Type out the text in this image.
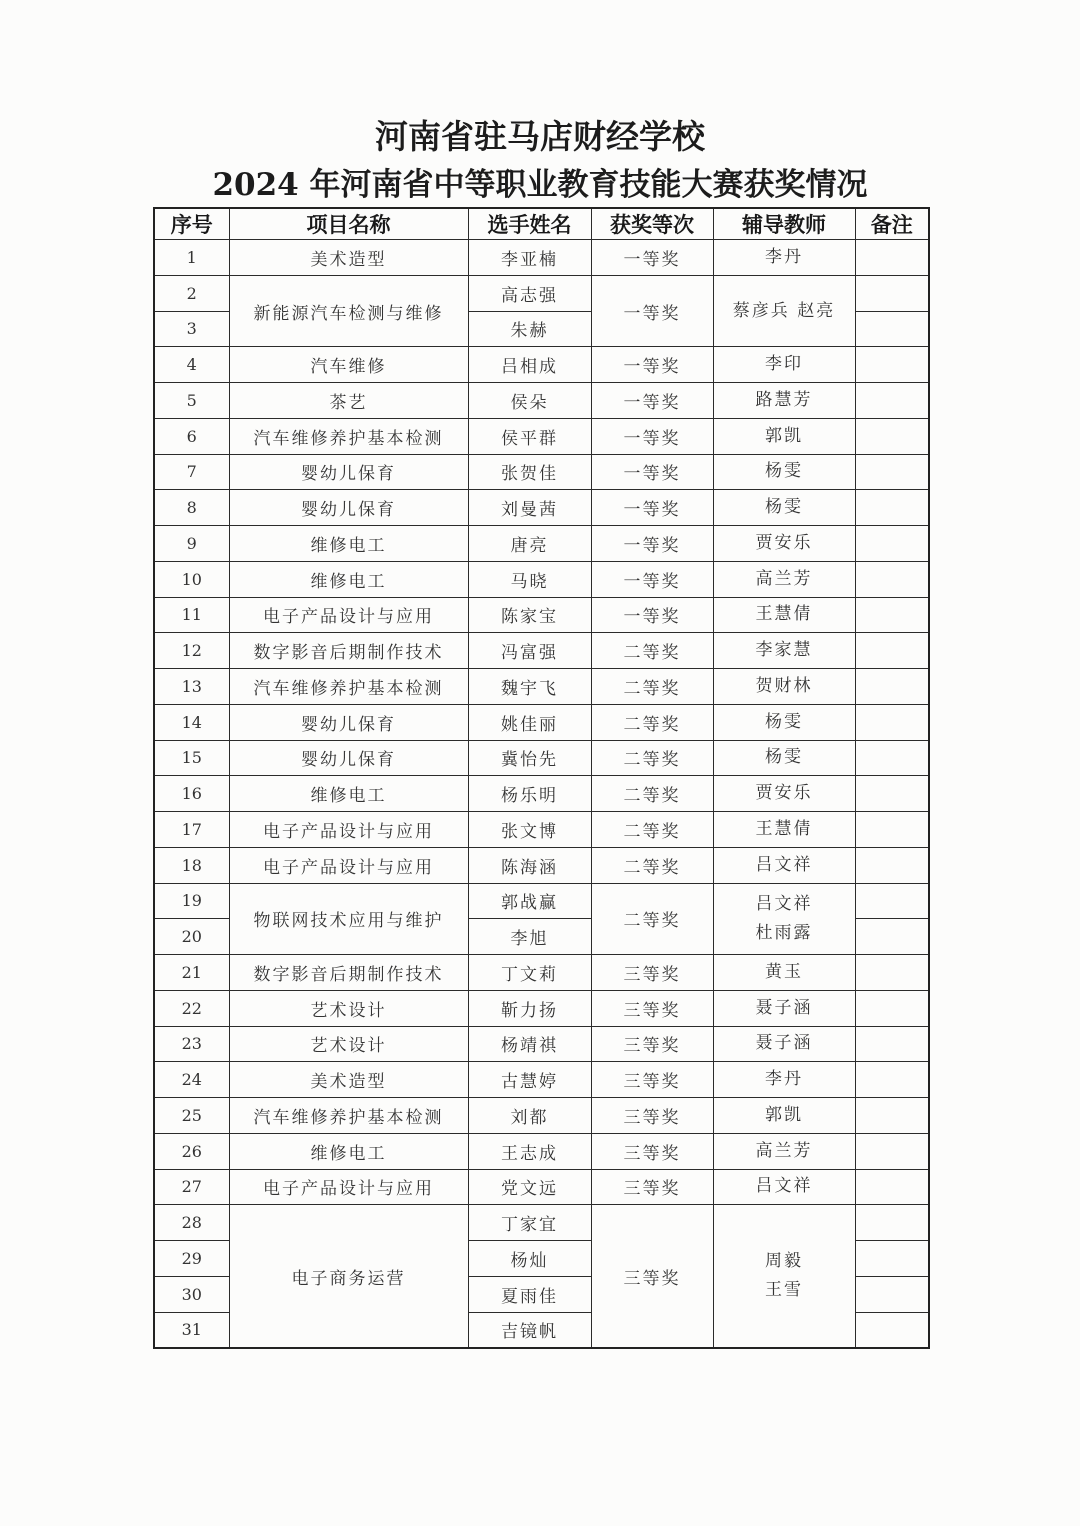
河南省驻马店财经学校
2024 年河南省中等职业教育技能大赛获奖情况
序号	项目名称	选手姓名	获奖等次	辅导教师	备注
1	美术造型	李亚楠	一等奖	李丹	

2	新能源汽车检测与维修	高志强	一等奖	蔡彦兵 赵亮	

3		朱赫			
4	汽车维修	吕相成	一等奖	李印	

5	茶艺	侯朵	一等奖	路慧芳	

6	汽车维修养护基本检测	侯平群	一等奖	郭凯	

7	婴幼儿保育	张贺佳	一等奖	杨雯	

8	婴幼儿保育	刘曼茜	一等奖	杨雯	

9	维修电工	唐亮	一等奖	贾安乐	

10	维修电工	马晓	一等奖	高兰芳	

11	电子产品设计与应用	陈家宝	一等奖	王慧倩	

12	数字影音后期制作技术	冯富强	二等奖	李家慧	

13	汽车维修养护基本检测	魏宇飞	二等奖	贺财林	

14	婴幼儿保育	姚佳丽	二等奖	杨雯	

15	婴幼儿保育	冀怡先	二等奖	杨雯	

16	维修电工	杨乐明	二等奖	贾安乐	

17	电子产品设计与应用	张文博	二等奖	王慧倩	

18	电子产品设计与应用	陈海涵	二等奖	吕文祥	

19	物联网技术应用与维护	郭战赢	二等奖	吕文祥
杜雨露	

20		李旭			
21	数字影音后期制作技术	丁文莉	三等奖	黄玉	

22	艺术设计	靳力扬	三等奖	聂子涵	

23	艺术设计	杨靖祺	三等奖	聂子涵	

24	美术造型	古慧婷	三等奖	李丹	

25	汽车维修养护基本检测	刘都	三等奖	郭凯	

26	维修电工	王志成	三等奖	高兰芳	

27	电子产品设计与应用	党文远	三等奖	吕文祥	

28	电子商务运营	丁家宜	三等奖	周毅
王雪	

29		杨灿			
30		夏雨佳			
31		吉镜帆			
